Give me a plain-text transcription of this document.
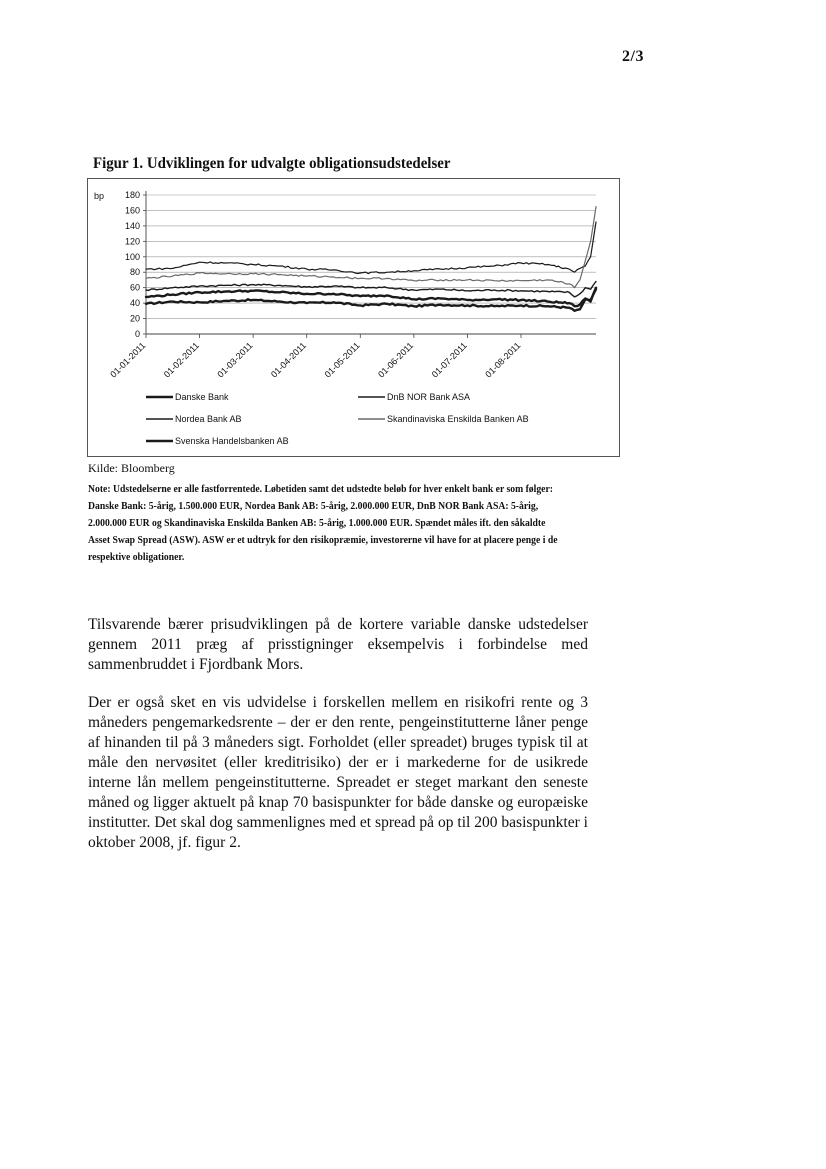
2/3
Figur 1. Udviklingen for udvalgte obligationsudstedelser
bp 180
160
140
120
100
80
60
40
20
0
01-01-2011 01-02-2011 01-03-2011 01-04-2011 01-05-2011 01-06-2011 01-07-2011 01-08-2011
Danske Bank	DnB NOR Bank ASA
Nordea Bank AB	Skandinaviska Enskilda Banken AB
Svenska Handelsbanken AB
Kilde: Bloomberg
Note: Udstedelserne er alle fastforrentede. Løbetiden samt det udstedte beløb for hver enkelt bank er som følger: Danske Bank: 5-årig, 1.500.000 EUR, Nordea Bank AB: 5-årig, 2.000.000 EUR, DnB NOR Bank ASA: 5-årig, 2.000.000 EUR og Skandinaviska Enskilda Banken AB: 5-årig, 1.000.000 EUR. Spændet måles ift. den såkaldte Asset Swap Spread (ASW). ASW er et udtryk for den risikopræmie, investorerne vil have for at placere penge i de respektive obligationer.
Tilsvarende bærer prisudviklingen på de kortere variable danske udstedelser gennem 2011 præg af prisstigninger eksempelvis i forbindelse med sammenbruddet i Fjordbank Mors.
Der er også sket en vis udvidelse i forskellen mellem en risikofri rente og 3 måneders pengemarkedsrente – der er den rente, pengeinstitutterne låner penge af hinanden til på 3 måneders sigt. Forholdet (eller spreadet) bruges typisk til at måle den nervøsitet (eller kreditrisiko) der er i markederne for de usikrede interne lån mellem pengeinstitutterne. Spreadet er steget markant den seneste måned og ligger aktuelt på knap 70 basispunkter for både danske og europæiske institutter. Det skal dog sammenlignes med et spread på op til 200 basispunkter i oktober 2008, jf. figur 2.
